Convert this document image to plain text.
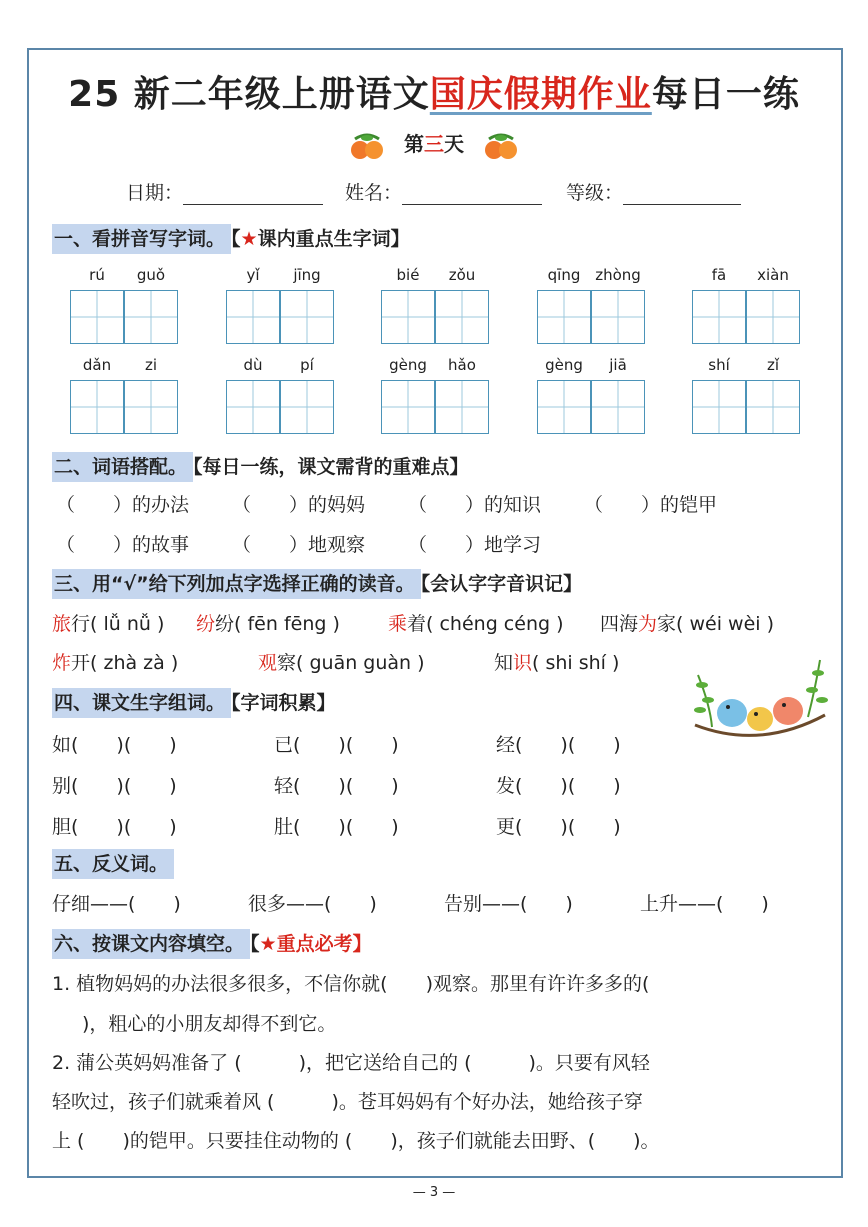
25 新二年级上册语文国庆假期作业每日一练
第三天
日期：	姓名：	等级：
一、看拼音写字词。 【★课内重点生字词】
rú	guǒ	yǐ	jīng	bié	zǒu	qīng zhòng	fā	xiàn
dǎn	zi	dù	pí	gèng	hǎo	gèng	jiā	shí	zǐ
二、词语搭配。 【每日一练，课文需背的重难点】
（　　）的办法 （　　）的妈妈 （　　）的知识 （　　）的铠甲
（　　）的故事 （　　）地观察 （　　）地学习
三、用“√”给下列加点字选择正确的读音。 【会认字字音识记】
旅行( lǚ nǚ ) 纷纷( fēn fēng )	乘着( chéng céng ) 四海为家( wéi wèi )
炸开( zhà zà )	观察( guān guàn )	知识( shi shí )
四、课文生字组词。 【字词积累】
如(　　)(　　)	已(　　)(　　)	经(　　)(　　)
别(　　)(　　)	轻(　　)(　　)	发(　　)(　　)
胆(　　)(　　)	肚(　　)(　　)	更(　　)(　　)
五、反义词。
仔细——(　　)	很多——(　　)	告别——(　　)	上升——(　　)
六、按课文内容填空。 【★重点必考】
1. 植物妈妈的办法很多很多，不信你就(　　)观察。那里有许许多多的(
)，粗心的小朋友却得不到它。
2. 蒲公英妈妈准备了 (　　　)，把它送给自己的 (　　　)。只要有风轻
轻吹过，孩子们就乘着风 (　　　)。苍耳妈妈有个好办法，她给孩子穿
上 (　　)的铠甲。只要挂住动物的 (　　)，孩子们就能去田野、(　　)。
— 3 —
